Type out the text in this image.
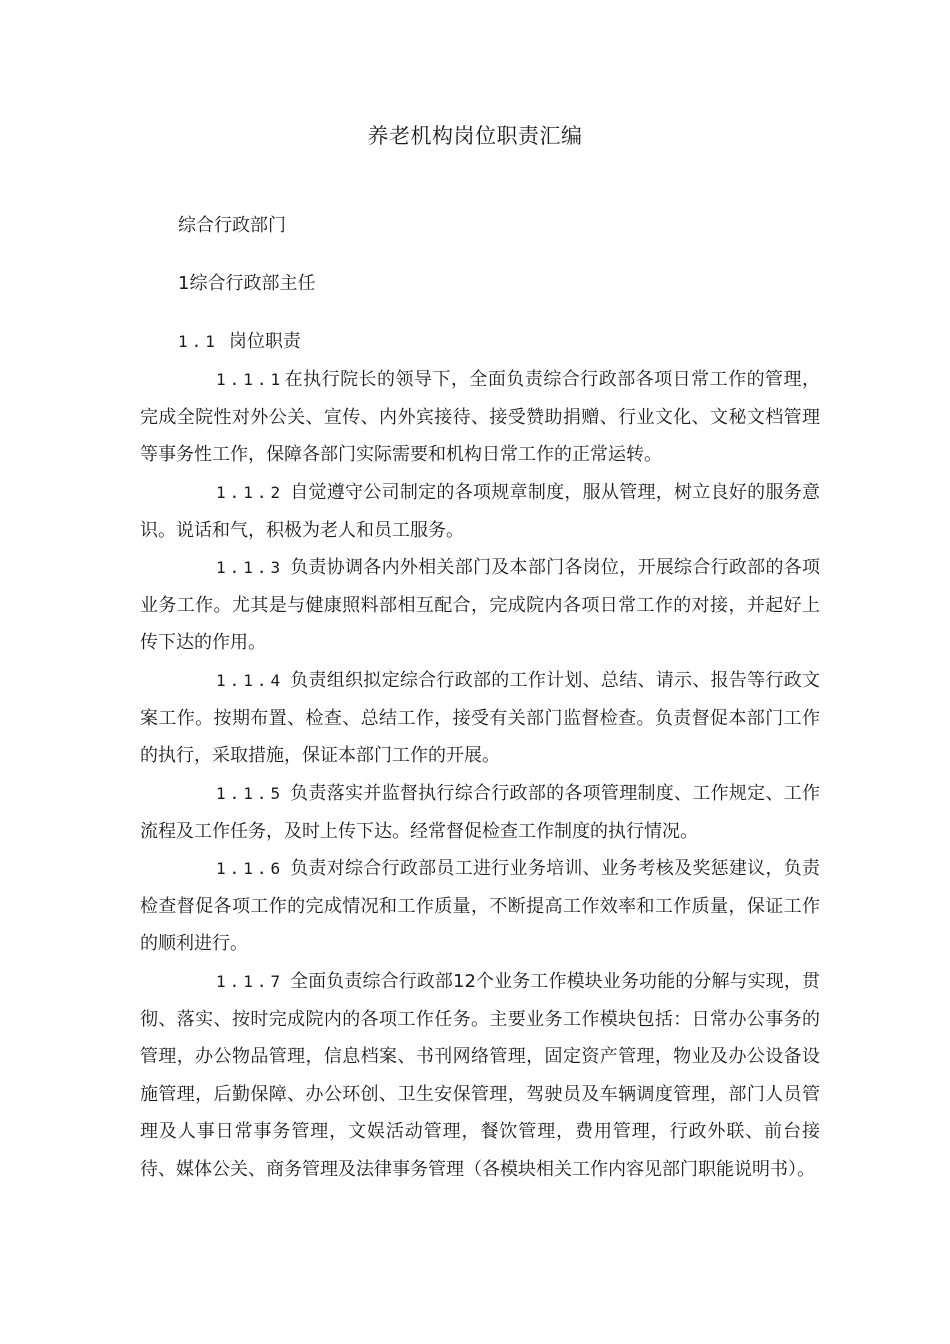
养老机构岗位职责汇编
综合行政部门
1综合行政部主任
1.1 岗位职责

1.1.1在执行院长的领导下，全面负责综合行政部各项日常工作的管理，完成全院性对外公关、宣传、内外宾接待、接受赞助捐赠、行业文化、文秘文档管理等事务性工作，保障各部门实际需要和机构日常工作的正常运转。

1.1.2 自觉遵守公司制定的各项规章制度，服从管理，树立良好的服务意识。说话和气，积极为老人和员工服务。

1.1.3 负责协调各内外相关部门及本部门各岗位，开展综合行政部的各项业务工作。尤其是与健康照料部相互配合，完成院内各项日常工作的对接，并起好上传下达的作用。

1.1.4 负责组织拟定综合行政部的工作计划、总结、请示、报告等行政文案工作。按期布置、检查、总结工作，接受有关部门监督检查。负责督促本部门工作的执行，采取措施，保证本部门工作的开展。

1.1.5 负责落实并监督执行综合行政部的各项管理制度、工作规定、工作流程及工作任务，及时上传下达。经常督促检查工作制度的执行情况。

1.1.6 负责对综合行政部员工进行业务培训、业务考核及奖惩建议，负责检查督促各项工作的完成情况和工作质量，不断提高工作效率和工作质量，保证工作的顺利进行。

1.1.7 全面负责综合行政部12个业务工作模块业务功能的分解与实现，贯彻、落实、按时完成院内的各项工作任务。主要业务工作模块包括：日常办公事务的管理，办公物品管理，信息档案、书刊网络管理，固定资产管理，物业及办公设备设施管理，后勤保障、办公环创、卫生安保管理，驾驶员及车辆调度管理，部门人员管理及人事日常事务管理，文娱活动管理，餐饮管理，费用管理，行政外联、前台接待、媒体公关、商务管理及法律事务管理（各模块相关工作内容见部门职能说明书）。
